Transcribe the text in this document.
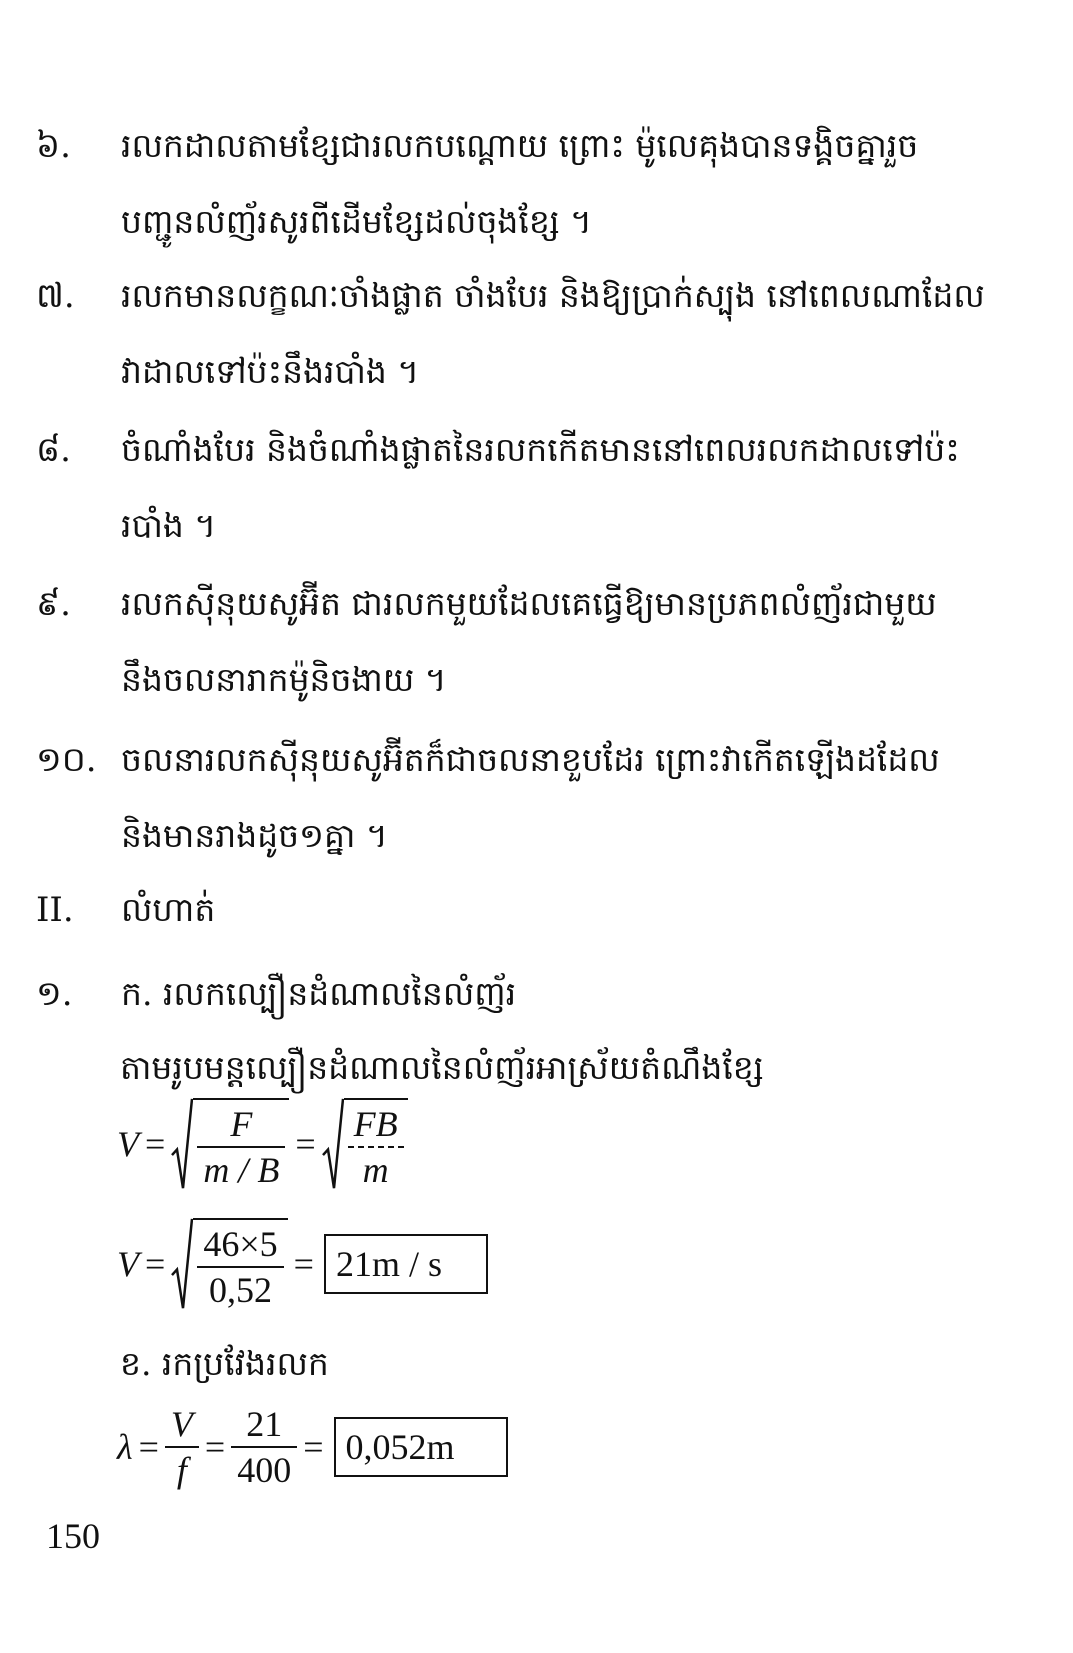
៦. រលកដាលតាមខ្សែជារលកបណ្តោយ ព្រោះ ម៉ូលេគុងបានទង្គិចគ្នារួច
បញ្ជូនលំញ័រសូរពីដើមខ្សែដល់ចុងខ្សែ ។
៧. រលកមានលក្ខណៈចាំងផ្លាត ចាំងបែរ និងឱ្យប្រាក់ស្បុង នៅពេលណាដែល
វាដាលទៅប៉ះនឹងរបាំង ។
៨. ចំណាំងបែរ និងចំណាំងផ្លាតនៃរលកកើតមាននៅពេលរលកដាលទៅប៉ះ
របាំង ។
៩. រលកស៊ីនុយសូអ៊ីត ជារលកមួយដែលគេធ្វើឱ្យមានប្រភពលំញ័រជាមួយ
នឹងចលនារាកម៉ូនិចងាយ ។
១០. ចលនារលកស៊ីនុយសូអ៊ីតក៏ជាចលនាខួបដែរ ព្រោះវាកើតឡើងដដែល
និងមានរាងដូច១គ្នា ។
II. លំហាត់
១. ក. រលកល្បឿនដំណាលនៃលំញ័រ
តាមរូបមន្តល្បឿនដំណាលនៃលំញ័រអាស្រ័យតំណឹងខ្សែ
$V = \frac{F}{m / B} = \frac{FB}{m}$
$V = \frac{46\times 5}{0,52} = 21m / s$
ខ. រកប្រវែងរលក
$\lambda = \frac{V}{f} = \frac{21}{400} = 0,052m$
150
